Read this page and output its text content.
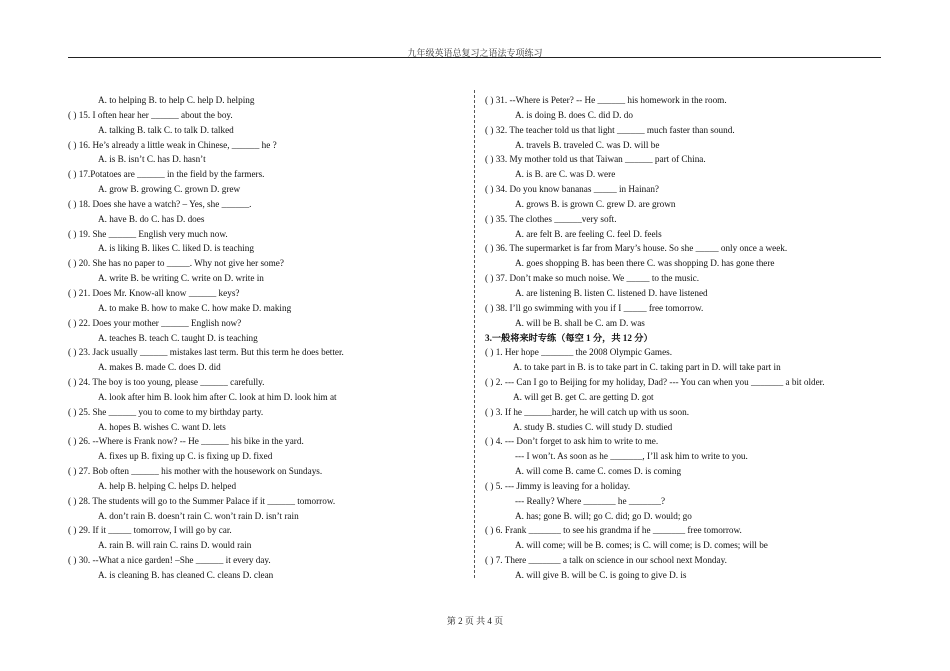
九年级英语总复习之语法专项练习
A. to helping B. to help C. help D. helping
( ) 15. I often hear her ______ about the boy.
A. talking B. talk C. to talk D. talked
( ) 16. He’s already a little weak in Chinese, ______ he ?
A. is B. isn’t C. has D. hasn’t
( ) 17.Potatoes are ______ in the field by the farmers.
A. grow B. growing C. grown D. grew
( ) 18. Does she have a watch? – Yes, she ______.
A. have B. do C. has D. does
( ) 19. She ______ English very much now.
A. is liking B. likes C. liked D. is teaching
( ) 20. She has no paper to _____. Why not give her some?
A. write B. be writing C. write on D. write in
( ) 21. Does Mr. Know-all know ______ keys?
A. to make B. how to make C. how make D. making
( ) 22. Does your mother ______ English now?
A. teaches B. teach C. taught D. is teaching
( ) 23. Jack usually ______ mistakes last term. But this term he does better.
A. makes B. made C. does D. did
( ) 24. The boy is too young, please ______ carefully.
A. look after him B. look him after C. look at him D. look him at
( ) 25. She ______ you to come to my birthday party.
A. hopes B. wishes C. want D. lets
( ) 26. --Where is Frank now? -- He ______ his bike in the yard.
A. fixes up B. fixing up C. is fixing up D. fixed
( ) 27. Bob often ______ his mother with the housework on Sundays.
A. help B. helping C. helps D. helped
( ) 28. The students will go to the Summer Palace if it ______ tomorrow.
A. don’t rain B. doesn’t rain C. won’t rain D. isn’t rain
( ) 29. If it _____ tomorrow, I will go by car.
A. rain B. will rain C. rains D. would rain
( ) 30. --What a nice garden! –She ______ it every day.
A. is cleaning B. has cleaned C. cleans D. clean
( ) 31. --Where is Peter? -- He ______ his homework in the room.
A. is doing B. does C. did D. do
( ) 32. The teacher told us that light ______ much faster than sound.
A. travels B. traveled C. was D. will be
( ) 33. My mother told us that Taiwan ______ part of China.
A. is B. are C. was D. were
( ) 34. Do you know bananas _____ in Hainan?
A. grows B. is grown C. grew D. are grown
( ) 35. The clothes ______very soft.
A. are felt B. are feeling C. feel D. feels
( ) 36. The supermarket is far from Mary’s house. So she _____ only once a week.
A. goes shopping B. has been there C. was shopping D. has gone there
( ) 37. Don’t make so much noise. We _____ to the music.
A. are listening B. listen C. listened D. have listened
( ) 38. I’ll go swimming with you if I _____ free tomorrow.
A. will be B. shall be C. am D. was
3.一般将来时专练（每空 1 分，共 12 分）
( ) 1. Her hope _______ the 2008 Olympic Games.
A. to take part in B. is to take part in C. taking part in D. will take part in
( ) 2. --- Can I go to Beijing for my holiday, Dad? --- You can when you _______ a bit older.
A. will get B. get C. are getting D. got
( ) 3. If he ______harder, he will catch up with us soon.
A. study B. studies C. will study D. studied
( ) 4. --- Don’t forget to ask him to write to me.
--- I won’t. As soon as he _______, I’ll ask him to write to you.
A. will come B. came C. comes D. is coming
( ) 5. --- Jimmy is leaving for a holiday.
--- Really? Where _______ he _______?
A. has; gone B. will; go C. did; go D. would; go
( ) 6. Frank _______ to see his grandma if he _______ free tomorrow.
A. will come; will be B. comes; is C. will come; is D. comes; will be
( ) 7. There _______ a talk on science in our school next Monday.
A. will give B. will be C. is going to give D. is
第 2 页 共 4 页
